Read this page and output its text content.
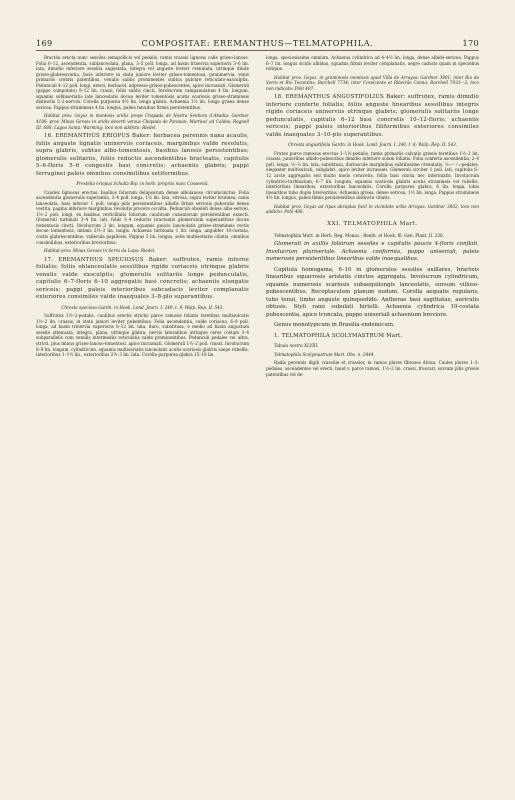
169	COMPOSITAE: EREMANTHUS—TELMATOPHILA.	170

Bractéa erecta nunc sessiles semipollicis vel pedalis, ramis crassis lignosis calle griseo-lanoso. Folia 6–12, ascendentia, sublanceolata, plana, 3–5 poll. longa, ad basin trinervia superioris 3–6 lin. lata, dimidio inferiore sessilia angustata, integra vel anguste leviter crenulata, utrinque dilute griseo-glabrescentia, facie inferiore in statu juniore leviter griseo-tomentosa, penninervia, venis primariis crebris patentibus, venulis sublis prominentes subtus pulchre reticulato-exsculptis. Pedunculi 4–12 poll. longi, erecti, herbacei, adpresse griseo-pubescentes, apice incrassati. Glomeruli (pappo computato) 9–12 lin. crassi, foliis sublis cincti. Involucrum campanulatum 4 lin. longum, squamis subbiseriatis late lanceolatis docue leviter tomentosis acutis scariosis griseo-stramineis distinctis 3–2-nerviis. Corolla purpurea 4½ lin. longa glabra. Achaenia 1½ lin. longa grisea dense sericea. Pappus stramineus 4 lin. longus, paleis tenuibus firmis persistentibus.

Habitat prov. Goyaz in montosis aridis prope Chapada de Nostra Senhora d’Abadia: Gardner 4186; prov. Minas Geraes in aridis deserti versus Chapada de Paranan: Martius! ad Caldas: Regnell III. 688; Lagoa Santa: Warming; loco non addicto: Riedel.

16. EREMANTHUS ERIOPUS Baker: herbacea perennis nana acaulis, foliis anguste lignatis uninerviis coriaceis, marginibus valde revolutis, supra glabris, subtus albo-tomentosis, basibus lanosis persistentibus; glomerulis solitariis, foliis reductis ascendentibus bracteatis, capitulis 5–6-floris 5–6 congestis basi concretis; achaeniis glabris; pappi ferruginei paleis omnibus consimilibus setiformibus.

Prestelia eriopus Schultz-Bip. in herb. propriis nunc Cosseenii.

Caudex lignosus erectus, basibus foliorum delapsorum dense albolanoso circumcinctus. Folia ascendentia glomerulis superantia, 3–4 poll. longa, 1½ lin. lata, vitrosa, supra leviter brunnea, canis lanceolata, basi inferior 1 poll. longa pilis persistentibus albidis firmis sericeis puberulis dense vestita, pagina inferiore marginibus revolutis procera occulta. Pedunculi obsoleti dense albo-sericei, 1½–2 poll. longi, ex basibus verticillatis foliorum caudicum cuneatorum persistentibus exsecti. Glomeruli turbinati 3–4 lin. lati, foliis 3–4 reductis bracteatis glomerulum superantibus docue tomentosis cincti. Involucrum 3 lin. longum, squamis paucis lanceolatis griseo-stramineis rectis docue tomentosis, intimis 2½–3 lin. longis. Achaenia turbinata 1 lin. longa, angulifer 10-costata, costis glabrescentibus, vallecula papillosis. Pappus 2 lin. longus, setis multiseriatis ciliatis, omnibus consimilibus, exterioribus brevioribus.

Habitat prov. Minas Geraes in Serra da Lapa: Riedel.

17. EREMANTHUS SPECIOSUS Baker: suffrutex, ramis inferne foliatis; foliis oblanceolatis sessilibus rigide coriaceis utrinque glabris venulis valde exsculptis; glomerulis solitariis longe pedunculatis, capitulis 6–7-floris 6–10 aggregatis basi concretis; achaeniis elongatis sericeis; pappi paleis interioribus subcadacis leviter complanatis exteriores consimiles valde inaequales 3–8-plo superantibus.

Chresta speciosa Gardn. in Hook. Lond. Journ. I. 240. t. 9; Walp. Rep. II. 543.

Suffrutex 1½–2-pedalis, caulibus erectis strictis parce ramosis foliatis teretibus multisulcatis 1½–2 lin. crassis, in statu juniori leviter pubentibus. Folia ascendentia, valde coriacea, 6–9 poll. longa, ad basin trinervia superioris 8–12 lin. lata, duro, subobtusa, e medio ad basin angustum sessile attenuata, integra, plana, utrinque glabra, nervis lateralibus utrinque ceres costam 3–4 subparallelis cum venulis intermediis reticulatis valde prominentibus. Pedunculi pedales vel ultra, stricti, plus minus griseo-lanoso-tomentosi, apice incrassati. Glomeruli 1½–2 poll. crassi. Involucrum 8–9 lin. longum, cylindricum, squamis multiseriatis lanceolatis acutis scariosis glabris saepe rubellis, interioribus 1–1½ lin., exterioribus 2½–3 lin. lata. Corolla purpurea glabra 15–18 lin.

longa, speciosissima omnium. Achaenia cylindrica ad 4–4½ lin. longa, dense albido-sericea. Pappus 6–7 lin. longus sicido albidus, squamis firmis leviter complanatis, aegre caducis quam in speciebus reliquis.

Habitat prov. Goyaz, in graminosis montosis apud Villa de Arrayas: Gardner 3801; inter Rio da Serra et Rio Tocantins: Burchell 7734; inter Coralcante et Ribeirão Canna: Burchell 7933—2; loco non indicato: Pohl 407.

18. EREMANTHUS ANGUSTIFOLIUS Baker: suffrutex, ramis dimidio inferiore conferte foliatis; foliis anguste linearibus sessilibus integris rigide coriaceis uninerviis utrinque glabris; glomerulis solitariis longe pedunculatis, capitulis 6–12 basi concretis 10–12-floris; achaeniis sericeis; pappi paleis interioribus filiformibus exteriores consimiles valde inaequales 3–10-plo superantibus.

Chresta angustifolia Gardn. in Hook. Lond. Journ. I. 240. t. 8; Walp. Rep. II. 543.

Frutex parce ramosus erectus 1–1½-pedalis, ramis primariis calvatis griseis teretibus 1½–2 lin. crassis, junioribus albido-pubescibus dimidio inferiore solum foliatis. Folia conferta ascendentia, 2–4 poll. longa, ½–⅔ lin. lata, subobtusa, duriuscule marginibus subtilissime crenulatis, ⅙—¹ ⁄ ₂-pedales, eleganter multisulcati, subglabri, apice leviter incrassati. Glomeruli circiter 1 poll. lati, capitulis 6–12 arcte aggregatis sed multo modo concretis, foliis basi cincta nec intermixtis. Involucrum cylindrico-turbinatum, 6–7 lin. longum, squamis scariosis glabris acutis stramineis vel rubellis, interioribus linearibus, exterioribus lanceolatis. Corolla purpurea glabra, 6 lin. longa, lobis linearibus tubo duplo brevioribus. Achaenia grisea, dense sericea, 1½ lin. longa. Pappus stramineus 4½ lin. longus, paleis fimiis persistentibus distincte ciliatis.

Habitat prov. Goyaz ad ripas abruptas facil in vicinitate urbis Arrayas: Gardner 3802; loco non addicto: Pohl 406.

XXI. TELMATOPHILA Mart.

Telmatophila Mart. in Herb. Reg. Monac.; Benth. et Hook. fil. Gen. Plant. II. 236.

Glomeruli in axillis foliorum sessiles e capitulis paucis 4-floris conflati. Involucrum pluriseriale. Achaenia conformia, pappo uniseriali, paleis numerosis persistentibus linearibus valde inaequalibus.

Capitula homogama, 6–10 in glomerulos sessiles axillares, bracteis linearibus squarrosis aristatis cinctos aggregata. Involucrum cylindricum, squamis numerosis scariosis subaequilongis lanceolatis, sursum villoso-pubescentibus. Receptaculum planum nudum. Corolla aequalis regularis, tubo tenui, limbo anguste quinquedido. Antherae basi sagittatae, auriculis obtusis. Styli rami subulati hirtelli. Achaenia cylindrica 10-costata pubescentia, apice truncata, pappo uniseriali achaenium breviore.

Genus monotypicum in Brasilia endemicum.

1. TELMATOPHILA SCOLYMASTRUM Mart.

Tabula nostra XLVIII.

Telmatophila Scolymastrum Mart. Obs. n. 2444.

Radix perennis digiti crassitie et crassior, in ramos plures fibrosos divisa. Caules plures 1–2-pedales, ascendentes vel erecti, haud v. parce ramosi, 1½–2 lin. crassi, fruscari, sursum pilis griseis patentibus vel de-
